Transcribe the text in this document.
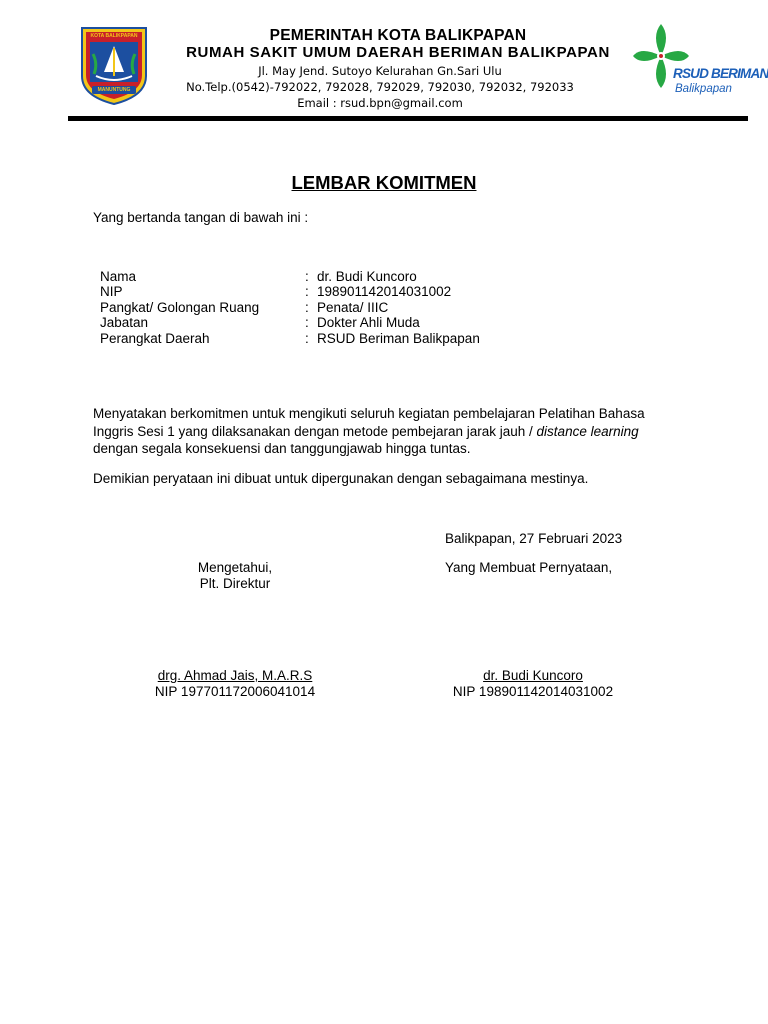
KOTA BALIKPAPAN
MANUNTUNG
PEMERINTAH KOTA BALIKPAPAN
RUMAH SAKIT UMUM DAERAH BERIMAN BALIKPAPAN
Jl. May Jend. Sutoyo Kelurahan Gn.Sari Ulu
No.Telp.(0542)-792022, 792028, 792029, 792030, 792032, 792033
Email : rsud.bpn@gmail.com
RSUD BERIMAN
Balikpapan
LEMBAR KOMITMEN
Yang bertanda tangan di bawah ini :
Nama	: dr. Budi Kuncoro
NIP	: 198901142014031002
Pangkat/ Golongan Ruang	: Penata/ IIIC
Jabatan	: Dokter Ahli Muda
Perangkat Daerah	: RSUD Beriman Balikpapan
Menyatakan berkomitmen untuk mengikuti seluruh kegiatan pembelajaran Pelatihan Bahasa
Inggris Sesi 1 yang dilaksanakan dengan metode pembejaran jarak jauh / distance learning
dengan segala konsekuensi dan tanggungjawab hingga tuntas.
Demikian peryataan ini dibuat untuk dipergunakan dengan sebagaimana mestinya.
Balikpapan, 27 Februari 2023
Mengetahui,
Plt. Direktur
Yang Membuat Pernyataan,
drg. Ahmad Jais, M.A.R.S
NIP 197701172006041014
dr. Budi Kuncoro
NIP 198901142014031002
